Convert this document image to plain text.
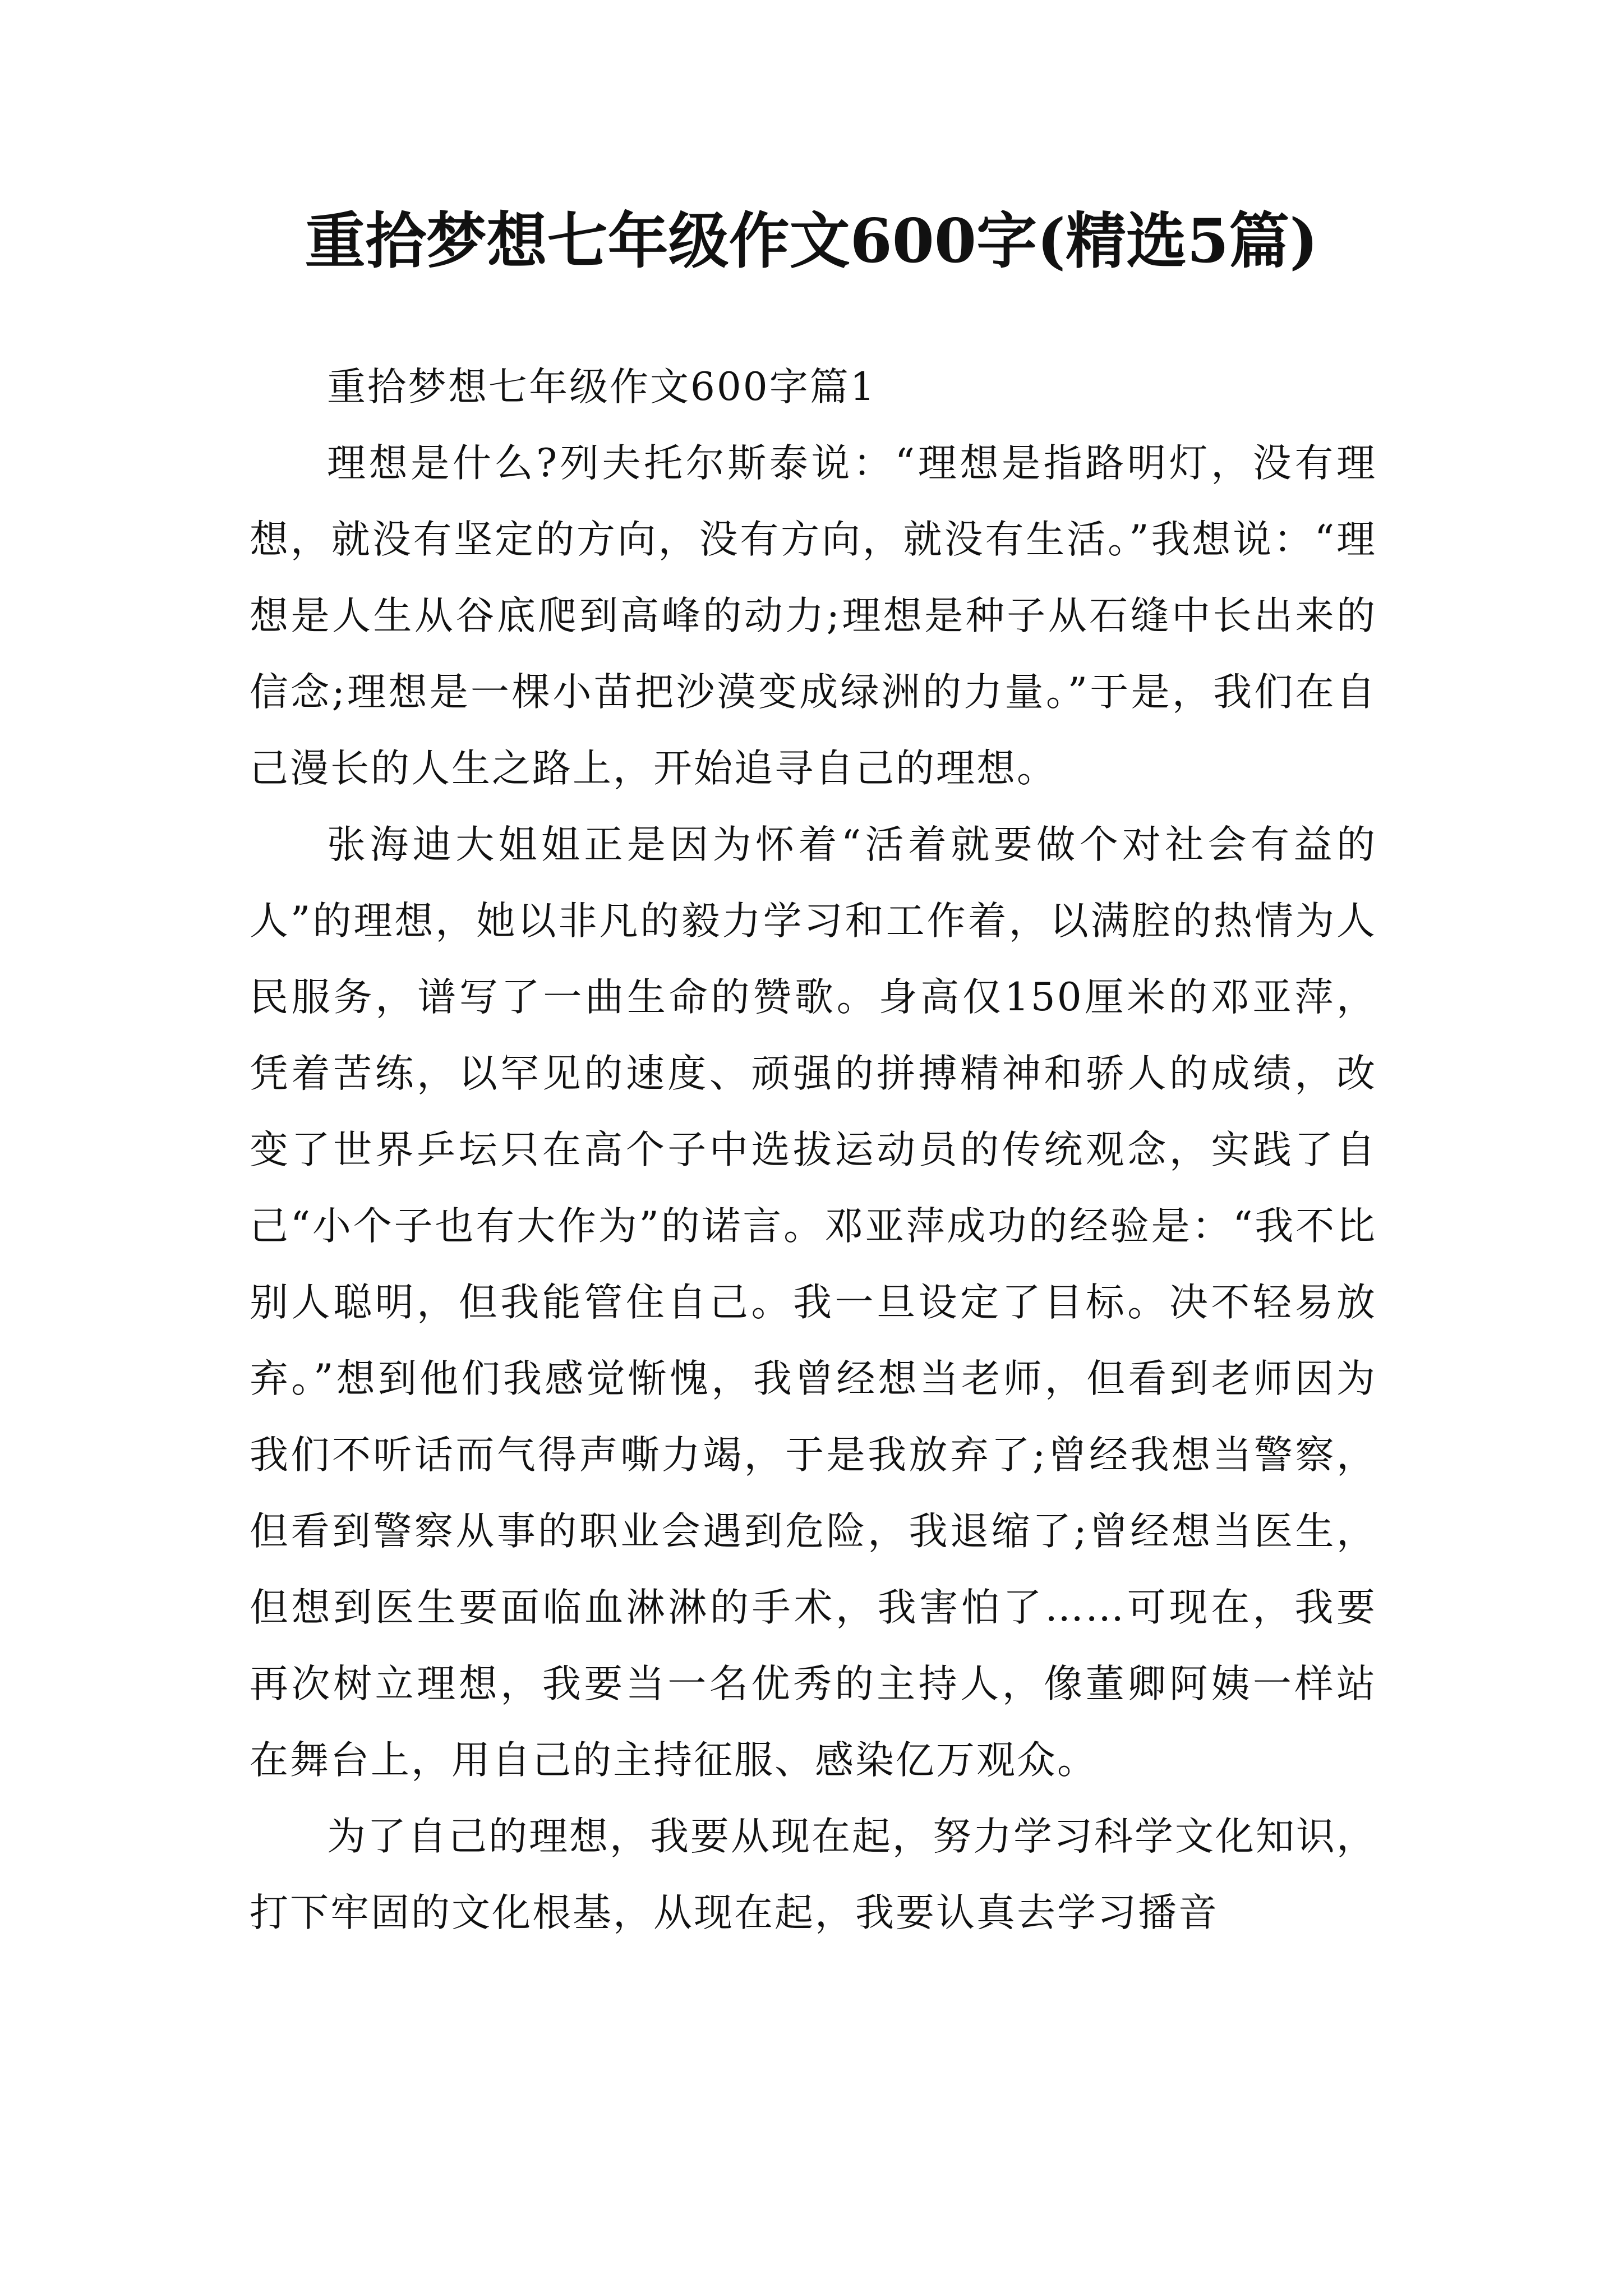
重拾梦想七年级作文600字(精选5篇)

重拾梦想七年级作文600字篇1

理想是什么?列夫托尔斯泰说：“理想是指路明灯，没有理想，就没有坚定的方向，没有方向，就没有生活。”我想说：“理想是人生从谷底爬到高峰的动力;理想是种子从石缝中长出来的信念;理想是一棵小苗把沙漠变成绿洲的力量。”于是，我们在自己漫长的人生之路上，开始追寻自己的理想。

张海迪大姐姐正是因为怀着“活着就要做个对社会有益的人”的理想，她以非凡的毅力学习和工作着，以满腔的热情为人民服务，谱写了一曲生命的赞歌。身高仅150厘米的邓亚萍，凭着苦练，以罕见的速度、顽强的拼搏精神和骄人的成绩，改变了世界乒坛只在高个子中选拔运动员的传统观念，实践了自己“小个子也有大作为”的诺言。邓亚萍成功的经验是：“我不比别人聪明，但我能管住自己。我一旦设定了目标。决不轻易放弃。”想到他们我感觉惭愧，我曾经想当老师，但看到老师因为我们不听话而气得声嘶力竭，于是我放弃了;曾经我想当警察，但看到警察从事的职业会遇到危险，我退缩了;曾经想当医生，但想到医生要面临血淋淋的手术，我害怕了……可现在，我要再次树立理想，我要当一名优秀的主持人，像董卿阿姨一样站在舞台上，用自己的主持征服、感染亿万观众。

为了自己的理想，我要从现在起，努力学习科学文化知识，打下牢固的文化根基，从现在起，我要认真去学习播音
